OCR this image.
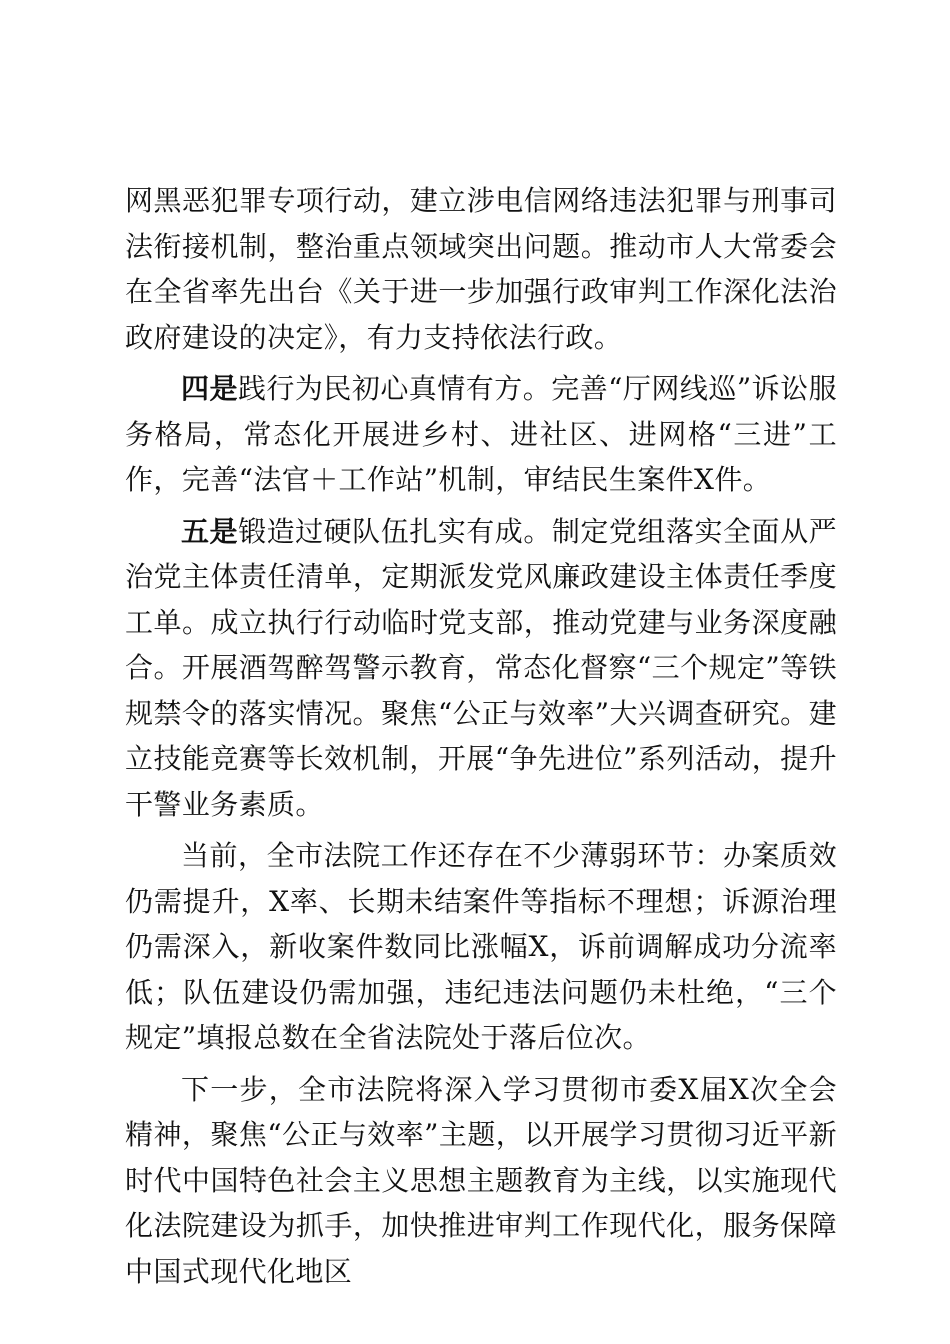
网黑恶犯罪专项行动，建立涉电信网络违法犯罪与刑事司法衔接机制，整治重点领域突出问题。推动市人大常委会在全省率先出台《关于进一步加强行政审判工作深化法治政府建设的决定》，有力支持依法行政。

四是践行为民初心真情有方。完善“厅网线巡”诉讼服务格局，常态化开展进乡村、进社区、进网格“三进”工作，完善“法官＋工作站”机制，审结民生案件X件。

五是锻造过硬队伍扎实有成。制定党组落实全面从严治党主体责任清单，定期派发党风廉政建设主体责任季度工单。成立执行行动临时党支部，推动党建与业务深度融合。开展酒驾醉驾警示教育，常态化督察“三个规定”等铁规禁令的落实情况。聚焦“公正与效率”大兴调查研究。建立技能竞赛等长效机制，开展“争先进位”系列活动，提升干警业务素质。

当前，全市法院工作还存在不少薄弱环节：办案质效仍需提升，X率、长期未结案件等指标不理想；诉源治理仍需深入，新收案件数同比涨幅X，诉前调解成功分流率低；队伍建设仍需加强，违纪违法问题仍未杜绝，“三个规定”填报总数在全省法院处于落后位次。

下一步，全市法院将深入学习贯彻市委X届X次全会精神，聚焦“公正与效率”主题，以开展学习贯彻习近平新时代中国特色社会主义思想主题教育为主线，以实施现代化法院建设为抓手，加快推进审判工作现代化，服务保障中国式现代化地区
